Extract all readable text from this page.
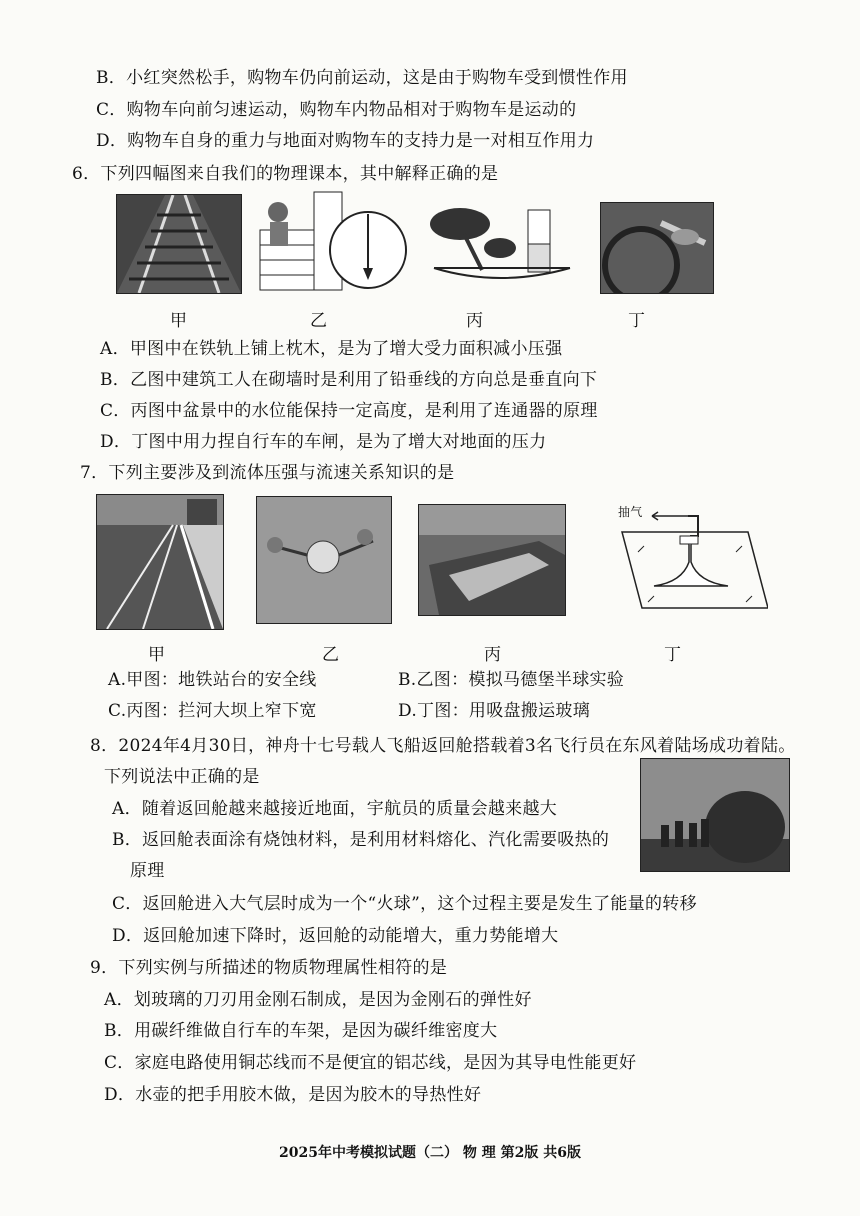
B．小红突然松手，购物车仍向前运动，这是由于购物车受到惯性作用
C．购物车向前匀速运动，购物车内物品相对于购物车是运动的
D．购物车自身的重力与地面对购物车的支持力是一对相互作用力
6．下列四幅图来自我们的物理课本，其中解释正确的是
甲	乙	丙	丁
A．甲图中在铁轨上铺上枕木，是为了增大受力面积减小压强
B．乙图中建筑工人在砌墙时是利用了铅垂线的方向总是垂直向下
C．丙图中盆景中的水位能保持一定高度，是利用了连通器的原理
D．丁图中用力捏自行车的车闸，是为了增大对地面的压力
7．下列主要涉及到流体压强与流速关系知识的是
抽气
甲	乙	丙	丁
A.甲图：地铁站台的安全线	B.乙图：模拟马德堡半球实验
C.丙图：拦河大坝上窄下宽	D.丁图：用吸盘搬运玻璃
8．2024年4月30日，神舟十七号载人飞船返回舱搭载着3名飞行员在东风着陆场成功着陆。
下列说法中正确的是
A．随着返回舱越来越接近地面，宇航员的质量会越来越大
B．返回舱表面涂有烧蚀材料，是利用材料熔化、汽化需要吸热的
原理
C．返回舱进入大气层时成为一个“火球”，这个过程主要是发生了能量的转移
D．返回舱加速下降时，返回舱的动能增大，重力势能增大
9．下列实例与所描述的物质物理属性相符的是
A．划玻璃的刀刃用金刚石制成，是因为金刚石的弹性好
B．用碳纤维做自行车的车架，是因为碳纤维密度大
C．家庭电路使用铜芯线而不是便宜的铝芯线，是因为其导电性能更好
D．水壶的把手用胶木做，是因为胶木的导热性好
2025年中考模拟试题（二） 物 理 第2版 共6版
